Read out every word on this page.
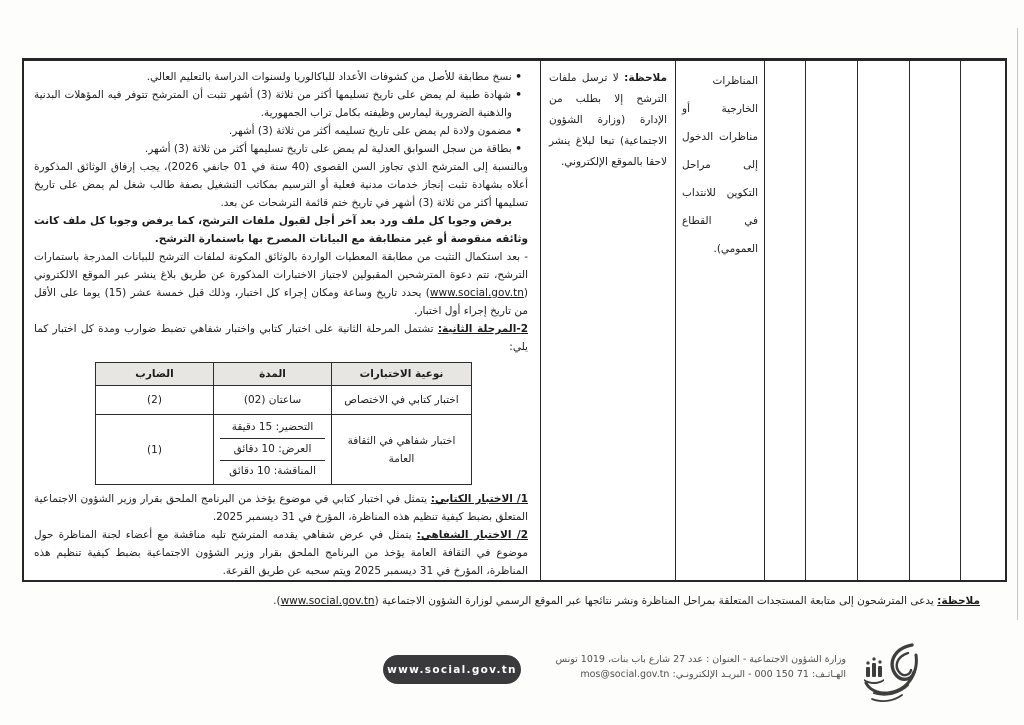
المناظرات الخارجية أو مناظرات الدخول إلى مراحل التكوين للانتداب في القطاع العمومي).
ملاحظة: لا ترسل ملفات الترشح إلا بطلب من الإدارة (وزارة الشؤون الاجتماعية) تبعا لبلاغ ينشر لاحقا بالموقع الإلكتروني.
• نسخ مطابقة للأصل من كشوفات الأعداد للباكالوريا ولسنوات الدراسة بالتعليم العالي.
• شهادة طبية لم يمض على تاريخ تسليمها أكثر من ثلاثة (3) أشهر تثبت أن المترشح تتوفر فيه المؤهلات البدنية والذهنية الضرورية ليمارس وظيفته بكامل تراب الجمهورية.
• مضمون ولادة لم يمض على تاريخ تسليمه أكثر من ثلاثة (3) أشهر.
• بطاقة من سجل السوابق العدلية لم يمض على تاريخ تسليمها أكثر من ثلاثة (3) أشهر.

وبالنسبة إلى المترشح الذي تجاوز السن القصوى (40 سنة في 01 جانفي 2026)، يجب إرفاق الوثائق المذكورة أعلاه بشهادة تثبت إنجاز خدمات مدنية فعلية أو الترسيم بمكاتب التشغيل بصفة طالب شغل لم يمض على تاريخ تسليمها أكثر من ثلاثة (3) أشهر في تاريخ ختم قائمة الترشحات عن بعد.

يرفض وجوبا كل ملف ورد بعد آخر أجل لقبول ملفات الترشح، كما يرفض وجوبا كل ملف كانت وثائقه منقوصة أو غير متطابقة مع البيانات المصرح بها باستمارة الترشح.

- بعد استكمال التثبت من مطابقة المعطيات الواردة بالوثائق المكونة لملفات الترشح للبيانات المدرجة باستمارات الترشح، تتم دعوة المترشحين المقبولين لاجتياز الاختبارات المذكورة عن طريق بلاغ ينشر عبر الموقع الالكتروني (www.social.gov.tn) يحدد تاريخ وساعة ومكان إجراء كل اختبار، وذلك قبل خمسة عشر (15) يوما على الأقل من تاريخ إجراء أول اختبار.

2-المرحلة الثانية: تشتمل المرحلة الثانية على اختبار كتابي واختبار شفاهي تضبط ضوارب ومدة كل اختبار كما يلي:

نوعية الاختبارات	المدة	الضارب
اختبار كتابي في الاختصاص	ساعتان (02)	(2)
اختبار شفاهي في الثقافة العامة	التحضير: 15 دقيقة
العرض: 10 دقائق
المناقشة: 10 دقائق	(1)

1/ الاختبار الكتابي: يتمثل في اختبار كتابي في موضوع يؤخذ من البرنامج الملحق بقرار وزير الشؤون الاجتماعية المتعلق بضبط كيفية تنظيم هذه المناظرة، المؤرخ في 31 ديسمبر 2025.

2/ الاختبار الشفاهي: يتمثل في عرض شفاهي يقدمه المترشح تليه مناقشة مع أعضاء لجنة المناظرة حول موضوع في الثقافة العامة يؤخذ من البرنامج الملحق بقرار وزير الشؤون الاجتماعية بضبط كيفية تنظيم هذه المناظرة، المؤرخ في 31 ديسمبر 2025 ويتم سحبه عن طريق القرعة.

ملاحظة: يدعى المترشحون إلى متابعة المستجدات المتعلقة بمراحل المناظرة ونشر نتائجها عبر الموقع الرسمي لوزارة الشؤون الاجتماعية (www.social.gov.tn).
وزارة الشؤون الاجتماعية - العنوان : عدد 27 شارع باب بنات، 1019 تونس
الهـاتـف: 71 150 000 - البريـد الإلكترونـي: mos@social.gov.tn
www.social.gov.tn
